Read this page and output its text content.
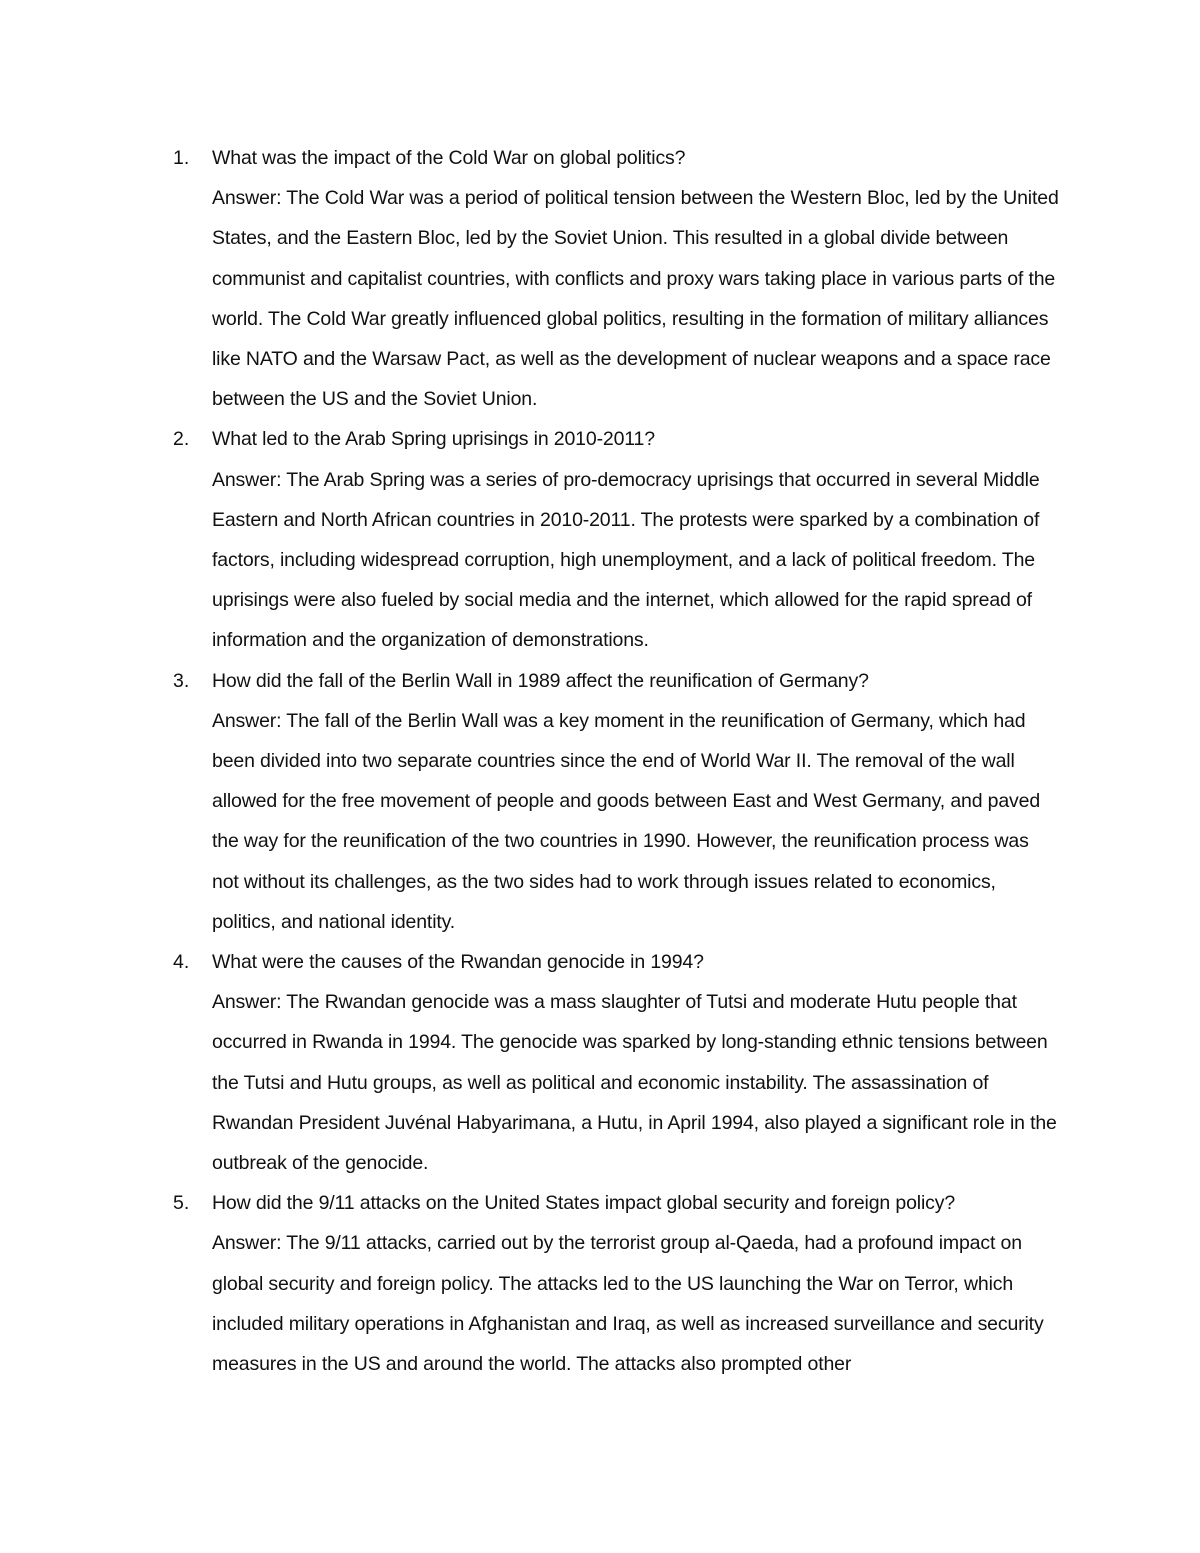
1. What was the impact of the Cold War on global politics?

Answer: The Cold War was a period of political tension between the Western Bloc, led by the United States, and the Eastern Bloc, led by the Soviet Union. This resulted in a global divide between communist and capitalist countries, with conflicts and proxy wars taking place in various parts of the world. The Cold War greatly influenced global politics, resulting in the formation of military alliances like NATO and the Warsaw Pact, as well as the development of nuclear weapons and a space race between the US and the Soviet Union.

2. What led to the Arab Spring uprisings in 2010-2011?

Answer: The Arab Spring was a series of pro-democracy uprisings that occurred in several Middle Eastern and North African countries in 2010-2011. The protests were sparked by a combination of factors, including widespread corruption, high unemployment, and a lack of political freedom. The uprisings were also fueled by social media and the internet, which allowed for the rapid spread of information and the organization of demonstrations.

3. How did the fall of the Berlin Wall in 1989 affect the reunification of Germany?

Answer: The fall of the Berlin Wall was a key moment in the reunification of Germany, which had been divided into two separate countries since the end of World War II. The removal of the wall allowed for the free movement of people and goods between East and West Germany, and paved the way for the reunification of the two countries in 1990. However, the reunification process was not without its challenges, as the two sides had to work through issues related to economics, politics, and national identity.

4. What were the causes of the Rwandan genocide in 1994?

Answer: The Rwandan genocide was a mass slaughter of Tutsi and moderate Hutu people that occurred in Rwanda in 1994. The genocide was sparked by long-standing ethnic tensions between the Tutsi and Hutu groups, as well as political and economic instability. The assassination of Rwandan President Juvénal Habyarimana, a Hutu, in April 1994, also played a significant role in the outbreak of the genocide.

5. How did the 9/11 attacks on the United States impact global security and foreign policy?

Answer: The 9/11 attacks, carried out by the terrorist group al-Qaeda, had a profound impact on global security and foreign policy. The attacks led to the US launching the War on Terror, which included military operations in Afghanistan and Iraq, as well as increased surveillance and security measures in the US and around the world. The attacks also prompted other
